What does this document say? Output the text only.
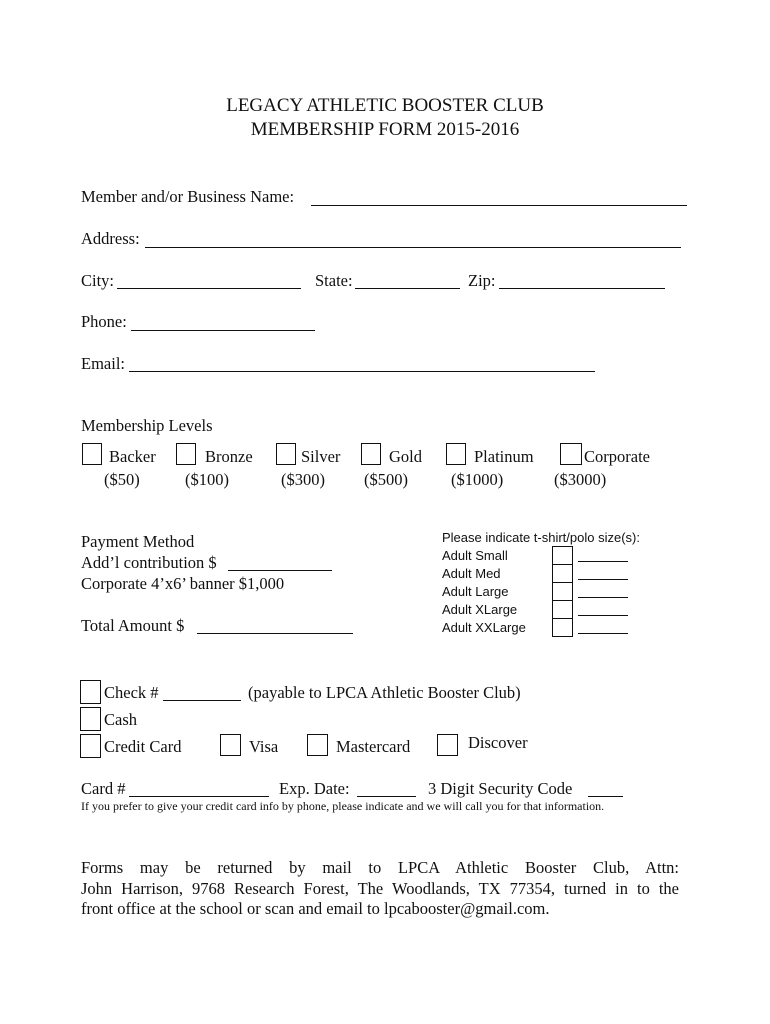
LEGACY ATHLETIC BOOSTER CLUB
MEMBERSHIP FORM 2015-2016
Member and/or Business Name:
Address:
City:	State:	Zip:
Phone:
Email:
Membership Levels
Backer
($50)
Bronze
($100)
Silver
($300)
Gold
($500)
Platinum
($1000)
Corporate
($3000)
Payment Method
Add’l contribution $
Corporate 4’x6’ banner $1,000
Total Amount $
Please indicate t-shirt/polo size(s):
Adult Small
Adult Med
Adult Large
Adult XLarge
Adult XXLarge
Check #	(payable to LPCA Athletic Booster Club)
Cash
Credit Card	Visa	Mastercard	Discover
Card #	Exp. Date:	3 Digit Security Code
If you prefer to give your credit card info by phone, please indicate and we will call you for that information.
Forms may be returned by mail to LPCA Athletic Booster Club, Attn:
John Harrison, 9768 Research Forest, The Woodlands, TX 77354, turned in to the
front office at the school or scan and email to lpcabooster@gmail.com.
